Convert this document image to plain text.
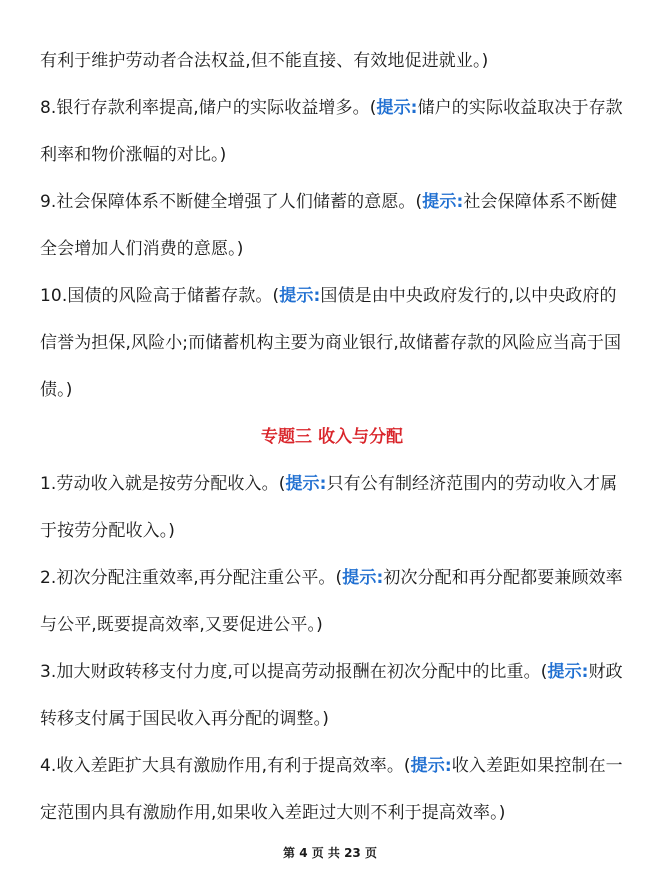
有利于维护劳动者合法权益,但不能直接、有效地促进就业。)

8.银行存款利率提高,储户的实际收益增多。(提示:储户的实际收益取决于存款利率和物价涨幅的对比。)

9.社会保障体系不断健全增强了人们储蓄的意愿。(提示:社会保障体系不断健全会增加人们消费的意愿。)

10.国债的风险高于储蓄存款。(提示:国债是由中央政府发行的,以中央政府的信誉为担保,风险小;而储蓄机构主要为商业银行,故储蓄存款的风险应当高于国债。)

专题三 收入与分配

1.劳动收入就是按劳分配收入。(提示:只有公有制经济范围内的劳动收入才属于按劳分配收入。)

2.初次分配注重效率,再分配注重公平。(提示:初次分配和再分配都要兼顾效率与公平,既要提高效率,又要促进公平。)

3.加大财政转移支付力度,可以提高劳动报酬在初次分配中的比重。(提示:财政转移支付属于国民收入再分配的调整。)

4.收入差距扩大具有激励作用,有利于提高效率。(提示:收入差距如果控制在一定范围内具有激励作用,如果收入差距过大则不利于提高效率。)

第 4 页 共 23 页
